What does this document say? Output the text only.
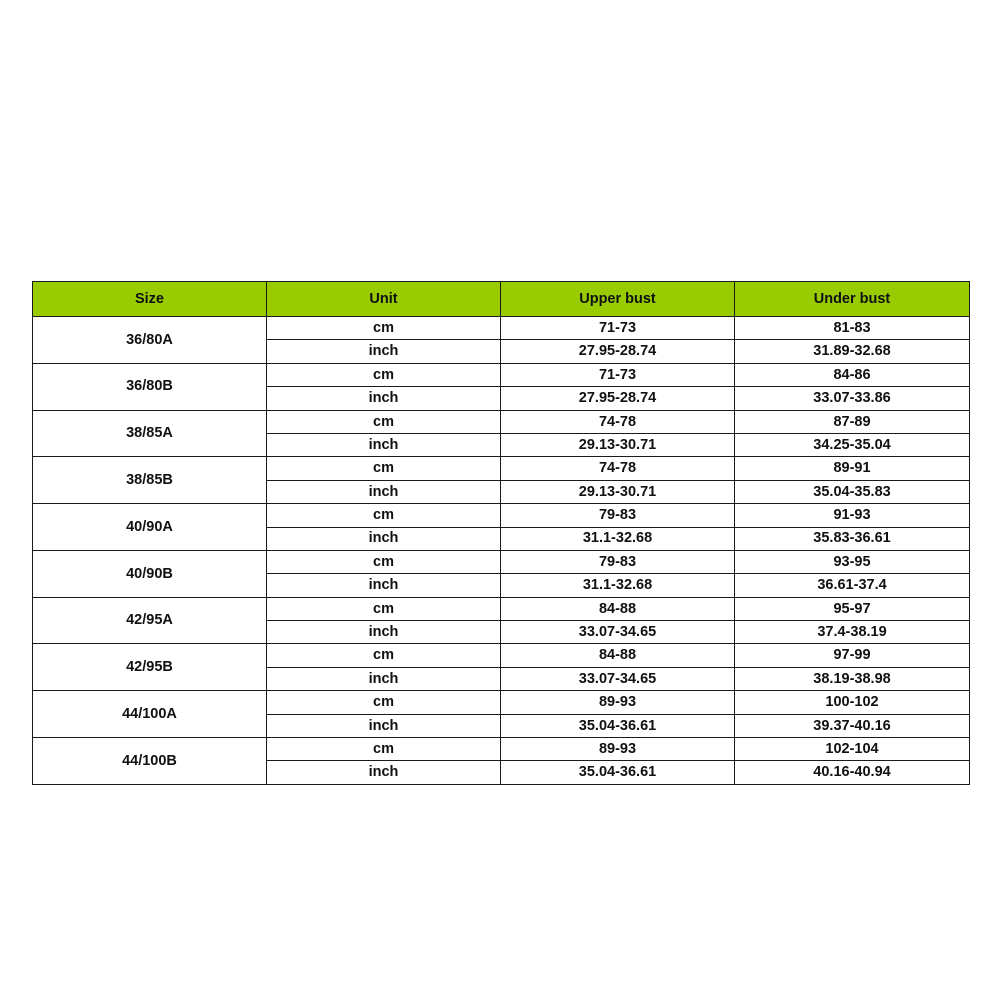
Size	Unit	Upper bust	Under bust
36/80A	cm	71-73	81-83
	inch	27.95-28.74	31.89-32.68
36/80B	cm	71-73	84-86
	inch	27.95-28.74	33.07-33.86
38/85A	cm	74-78	87-89
	inch	29.13-30.71	34.25-35.04
38/85B	cm	74-78	89-91
	inch	29.13-30.71	35.04-35.83
40/90A	cm	79-83	91-93
	inch	31.1-32.68	35.83-36.61
40/90B	cm	79-83	93-95
	inch	31.1-32.68	36.61-37.4
42/95A	cm	84-88	95-97
	inch	33.07-34.65	37.4-38.19
42/95B	cm	84-88	97-99
	inch	33.07-34.65	38.19-38.98
44/100A	cm	89-93	100-102
	inch	35.04-36.61	39.37-40.16
44/100B	cm	89-93	102-104
	inch	35.04-36.61	40.16-40.94
